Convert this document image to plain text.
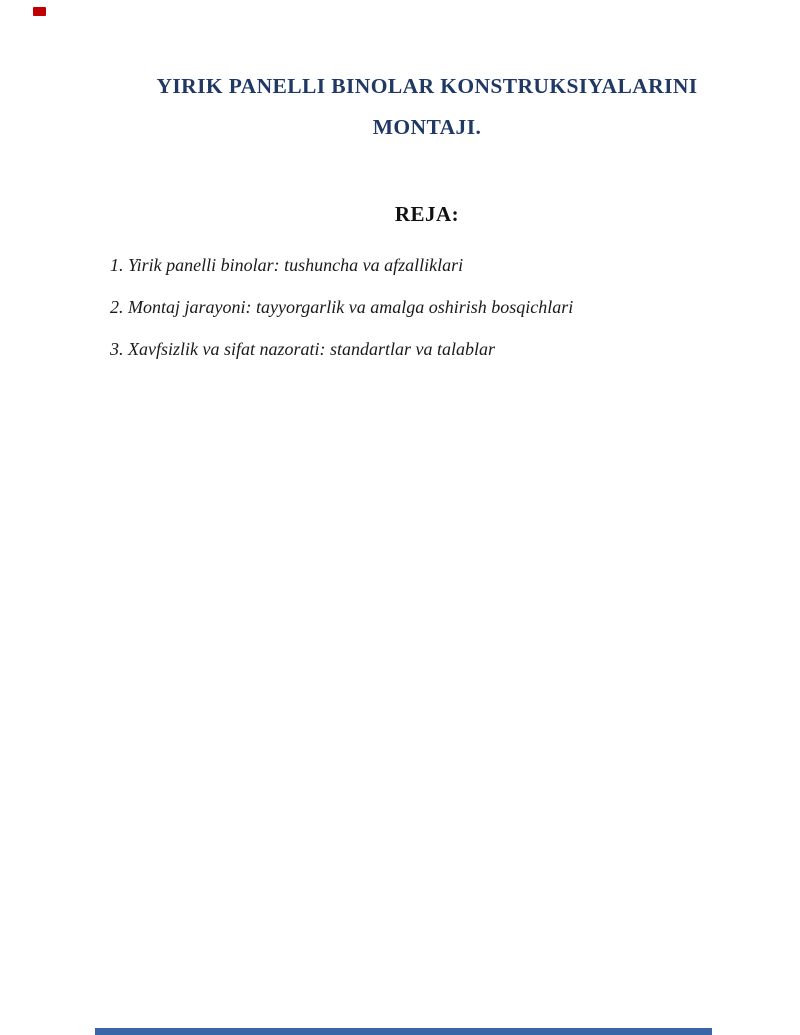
YIRIK PANELLI BINOLAR KONSTRUKSIYALARINI
MONTAJI.
REJA:
1. Yirik panelli binolar: tushuncha va afzalliklari
2. Montaj jarayoni: tayyorgarlik va amalga oshirish bosqichlari
3. Xavfsizlik va sifat nazorati: standartlar va talablar
